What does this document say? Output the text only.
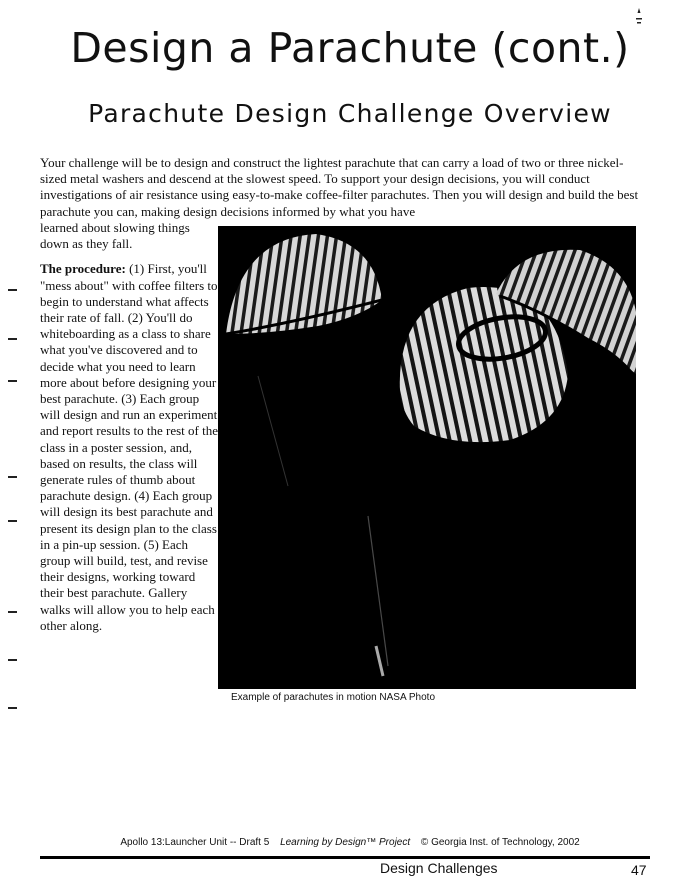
Design a Parachute (cont.)
Parachute Design Challenge Overview

Your challenge will be to design and construct the lightest parachute that can carry a load of two or three nickel-sized metal washers and descend at the slowest speed. To support your design decisions, you will conduct investigations of air resistance using easy-to-make coffee-filter parachutes. Then you will design and build the best parachute you can, making design decisions informed by what you have

learned about slowing things down as they fall.

The procedure: (1) First, you'll "mess about" with coffee filters to begin to understand what affects their rate of fall. (2) You'll do whiteboarding as a class to share what you've discovered and to decide what you need to learn more about before designing your best parachute. (3) Each group will design and run an experiment and report results to the rest of the class in a poster session, and, based on results, the class will generate rules of thumb about parachute design. (4) Each group will design its best parachute and present its design plan to the class in a pin-up session. (5) Each group will build, test, and revise their designs, working toward their best parachute. Gallery walks will allow you to help each other along.

Example of parachutes in motion NASA Photo
Apollo 13:Launcher Unit -- Draft 5 Learning by Design™ Project © Georgia Inst. of Technology, 2002
Design Challenges	47
